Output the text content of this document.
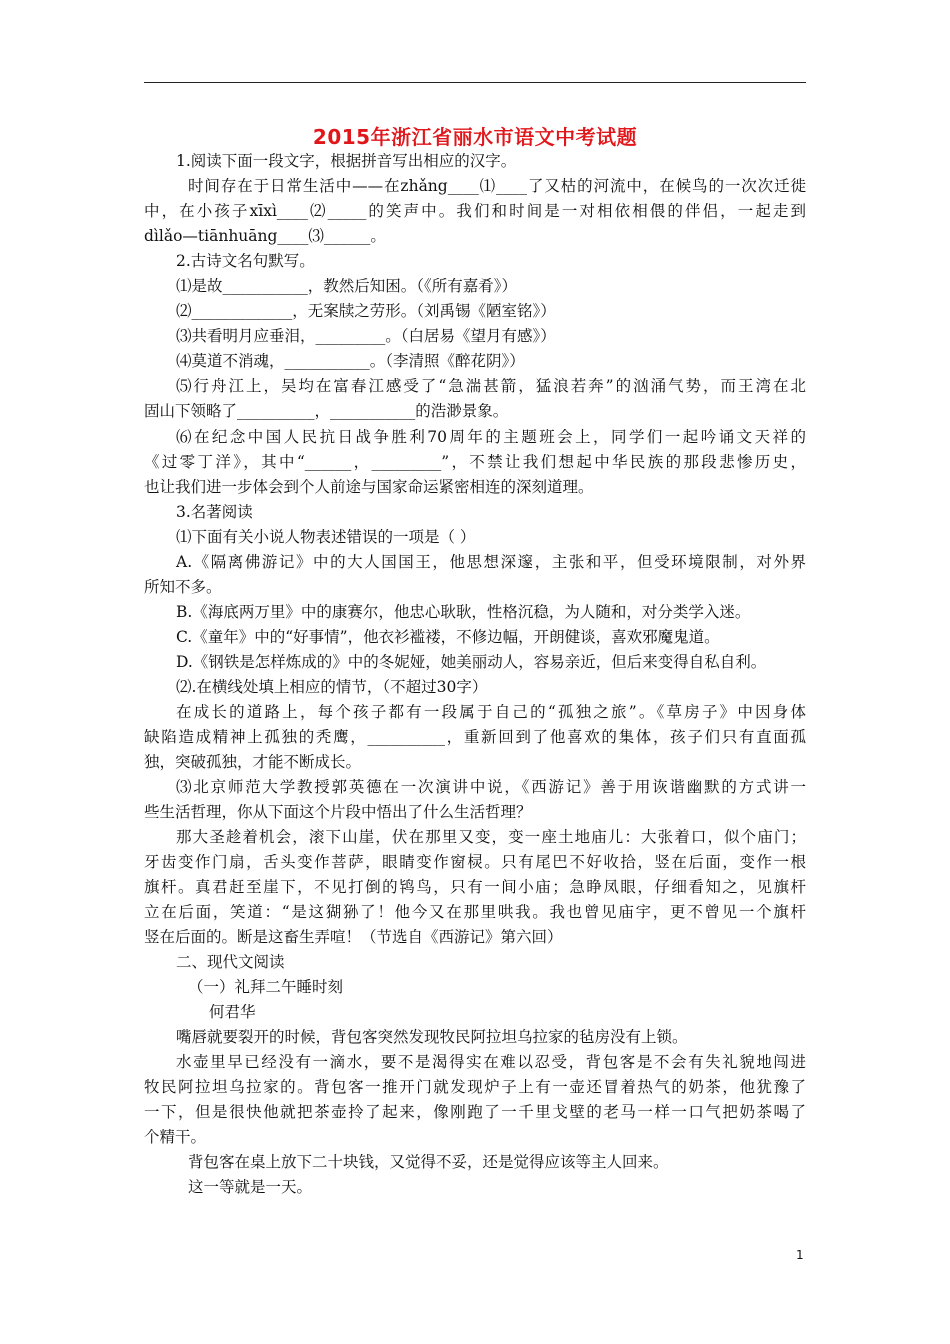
2015年浙江省丽水市语文中考试题
1.阅读下面一段文字，根据拼音写出相应的汉字。
时间存在于日常生活中——在zhǎng____⑴____了又枯的河流中，在候鸟的一次次迁徙
中，在小孩子xīxì____⑵_____的笑声中。我们和时间是一对相依相偎的伴侣，一起走到
dìlǎo—tiānhuāng____⑶______。
2.古诗文名句默写。
⑴是故___________，教然后知困。（《所有嘉肴》）
⑵_____________，无案牍之劳形。（刘禹锡《陋室铭》）
⑶共看明月应垂泪，_________。（白居易《望月有感》）
⑷莫道不消魂，___________。（李清照《醉花阴》）
⑸行舟江上，吴均在富春江感受了“急湍甚箭，猛浪若奔”的汹涌气势，而王湾在北
固山下领略了__________，___________的浩渺景象。
⑹在纪念中国人民抗日战争胜利70周年的主题班会上，同学们一起吟诵文天祥的
《过零丁洋》，其中“______，_________”，不禁让我们想起中华民族的那段悲惨历史，
也让我们进一步体会到个人前途与国家命运紧密相连的深刻道理。
3.名著阅读
⑴下面有关小说人物表述错误的一项是（ ）
A.《隔离佛游记》中的大人国国王，他思想深邃，主张和平，但受环境限制，对外界
所知不多。
B.《海底两万里》中的康赛尔，他忠心耿耿，性格沉稳，为人随和，对分类学入迷。
C.《童年》中的“好事情”，他衣衫褴褛，不修边幅，开朗健谈，喜欢邪魔鬼道。
D.《钢铁是怎样炼成的》中的冬妮娅，她美丽动人，容易亲近，但后来变得自私自利。
⑵.在横线处填上相应的情节，（不超过30字）
在成长的道路上，每个孩子都有一段属于自己的“孤独之旅”。《草房子》中因身体
缺陷造成精神上孤独的秃鹰，__________，重新回到了他喜欢的集体，孩子们只有直面孤
独，突破孤独，才能不断成长。
⑶北京师范大学教授郭英德在一次演讲中说，《西游记》善于用诙谐幽默的方式讲一
些生活哲理，你从下面这个片段中悟出了什么生活哲理？
那大圣趁着机会，滚下山崖，伏在那里又变，变一座土地庙儿：大张着口，似个庙门；
牙齿变作门扇，舌头变作菩萨，眼睛变作窗棂。只有尾巴不好收拾，竖在后面，变作一根
旗杆。真君赶至崖下，不见打倒的鸨鸟，只有一间小庙；急睁凤眼，仔细看知之，见旗杆
立在后面，笑道：“是这猢狲了！他今又在那里哄我。我也曾见庙宇，更不曾见一个旗杆
竖在后面的。断是这畜生弄喧！（节选自《西游记》第六回）
二、现代文阅读
（一）礼拜二午睡时刻
何君华
嘴唇就要裂开的时候，背包客突然发现牧民阿拉坦乌拉家的毡房没有上锁。
水壶里早已经没有一滴水，要不是渴得实在难以忍受，背包客是不会有失礼貌地闯进
牧民阿拉坦乌拉家的。背包客一推开门就发现炉子上有一壶还冒着热气的奶茶，他犹豫了
一下，但是很快他就把茶壶拎了起来，像刚跑了一千里戈壁的老马一样一口气把奶茶喝了
个精干。
背包客在桌上放下二十块钱，又觉得不妥，还是觉得应该等主人回来。
这一等就是一天。
1
